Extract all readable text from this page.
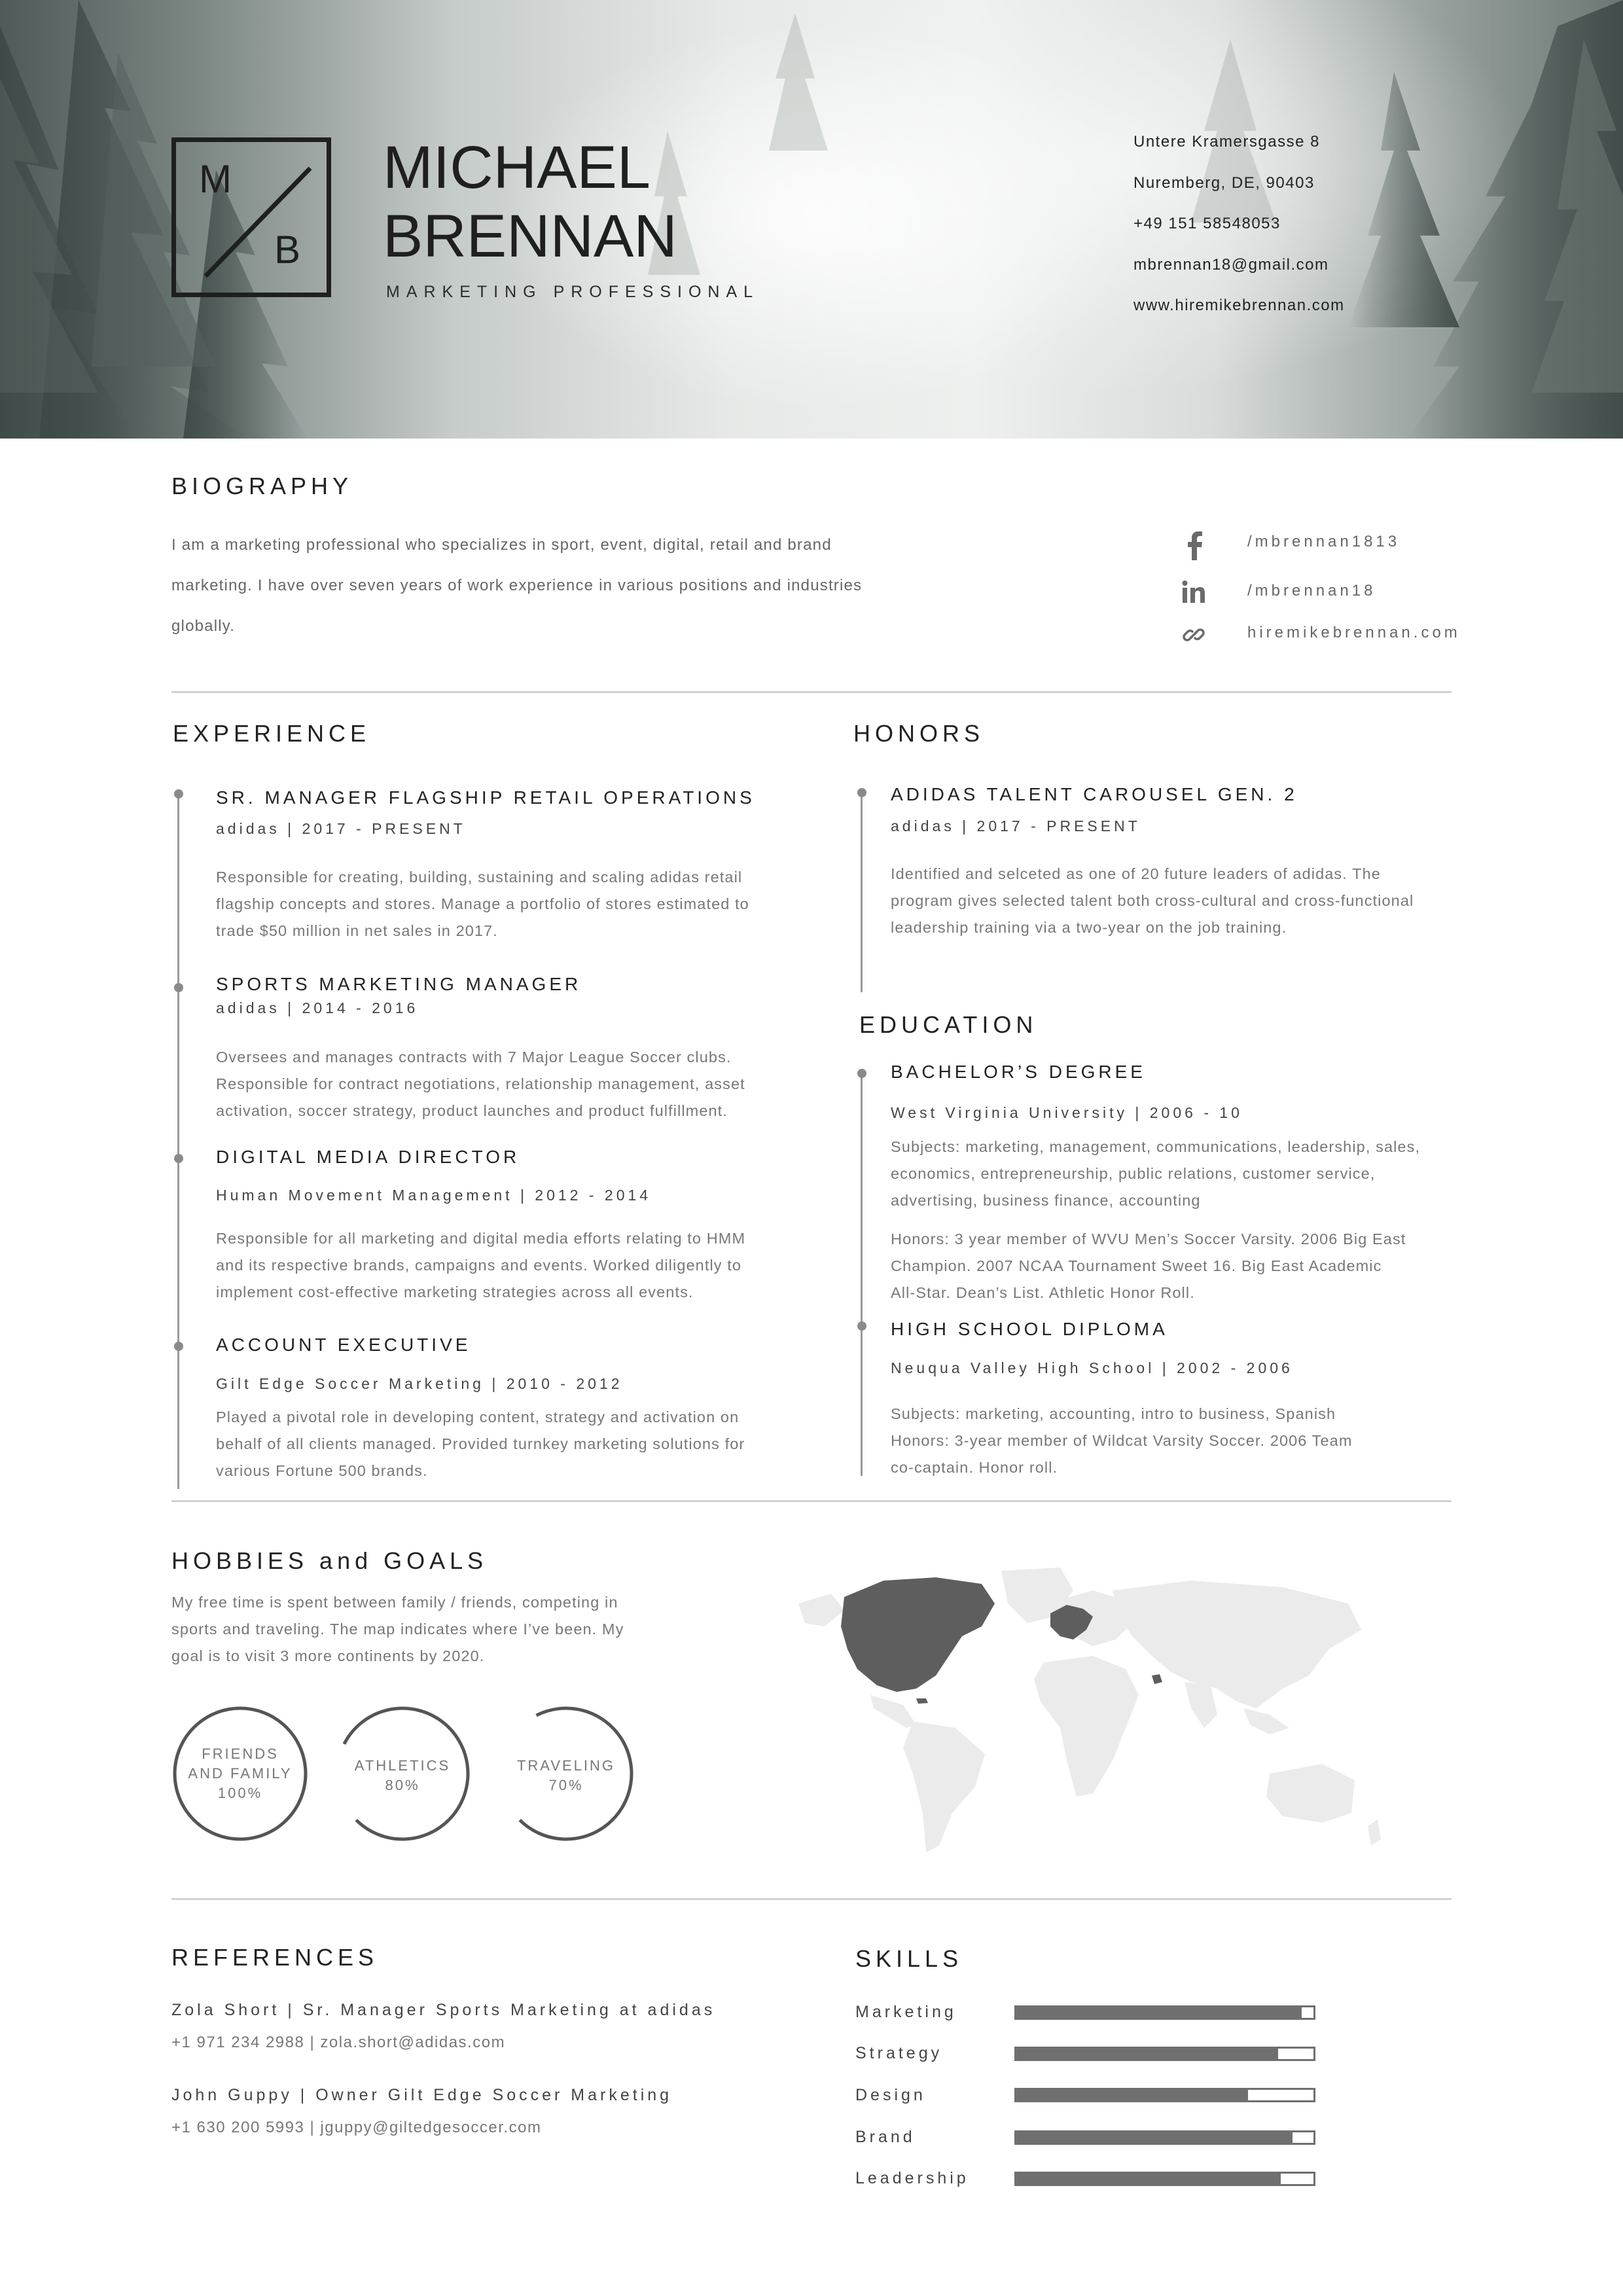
M
B
MICHAEL
BRENNAN
MARKETING PROFESSIONAL
Untere Kramersgasse 8
Nuremberg, DE, 90403
+49 151 58548053
mbrennan18@gmail.com
www.hiremikebrennan.com
BIOGRAPHY
I am a marketing professional who specializes in sport, event, digital, retail and brand
marketing. I have over seven years of work experience in various positions and industries
globally.
/mbrennan1813
/mbrennan18
hiremikebrennan.com
EXPERIENCE
SR. MANAGER FLAGSHIP RETAIL OPERATIONS
adidas | 2017 - PRESENT
Responsible for creating, building, sustaining and scaling adidas retail
flagship concepts and stores. Manage a portfolio of stores estimated to
trade $50 million in net sales in 2017.
SPORTS MARKETING MANAGER
adidas | 2014 - 2016
Oversees and manages contracts with 7 Major League Soccer clubs.
Responsible for contract negotiations, relationship management, asset
activation, soccer strategy, product launches and product fulfillment.
DIGITAL MEDIA DIRECTOR
Human Movement Management | 2012 - 2014
Responsible for all marketing and digital media efforts relating to HMM
and its respective brands, campaigns and events. Worked diligently to
implement cost-effective marketing strategies across all events.
ACCOUNT EXECUTIVE
Gilt Edge Soccer Marketing | 2010 - 2012
Played a pivotal role in developing content, strategy and activation on
behalf of all clients managed. Provided turnkey marketing solutions for
various Fortune 500 brands.
HONORS
ADIDAS TALENT CAROUSEL GEN. 2
adidas | 2017 - PRESENT
Identified and selceted as one of 20 future leaders of adidas. The
program gives selected talent both cross-cultural and cross-functional
leadership training via a two-year on the job training.
EDUCATION
BACHELOR’S DEGREE
West Virginia University | 2006 - 10
Subjects: marketing, management, communications, leadership, sales,
economics, entrepreneurship, public relations, customer service,
advertising, business finance, accounting
Honors: 3 year member of WVU Men’s Soccer Varsity. 2006 Big East
Champion. 2007 NCAA Tournament Sweet 16. Big East Academic
All-Star. Dean’s List. Athletic Honor Roll.
HIGH SCHOOL DIPLOMA
Neuqua Valley High School | 2002 - 2006
Subjects: marketing, accounting, intro to business, Spanish
Honors: 3-year member of Wildcat Varsity Soccer. 2006 Team
co-captain. Honor roll.
HOBBIES and GOALS
My free time is spent between family / friends, competing in
sports and traveling. The map indicates where I’ve been. My
goal is to visit 3 more continents by 2020.
FRIENDS
AND FAMILY
100%
ATHLETICS
80%
TRAVELING
70%
REFERENCES
Zola Short | Sr. Manager Sports Marketing at adidas
+1 971 234 2988 | zola.short@adidas.com
John Guppy | Owner Gilt Edge Soccer Marketing
+1 630 200 5993 | jguppy@giltedgesoccer.com
SKILLS
Marketing
Strategy
Design
Brand
Leadership
